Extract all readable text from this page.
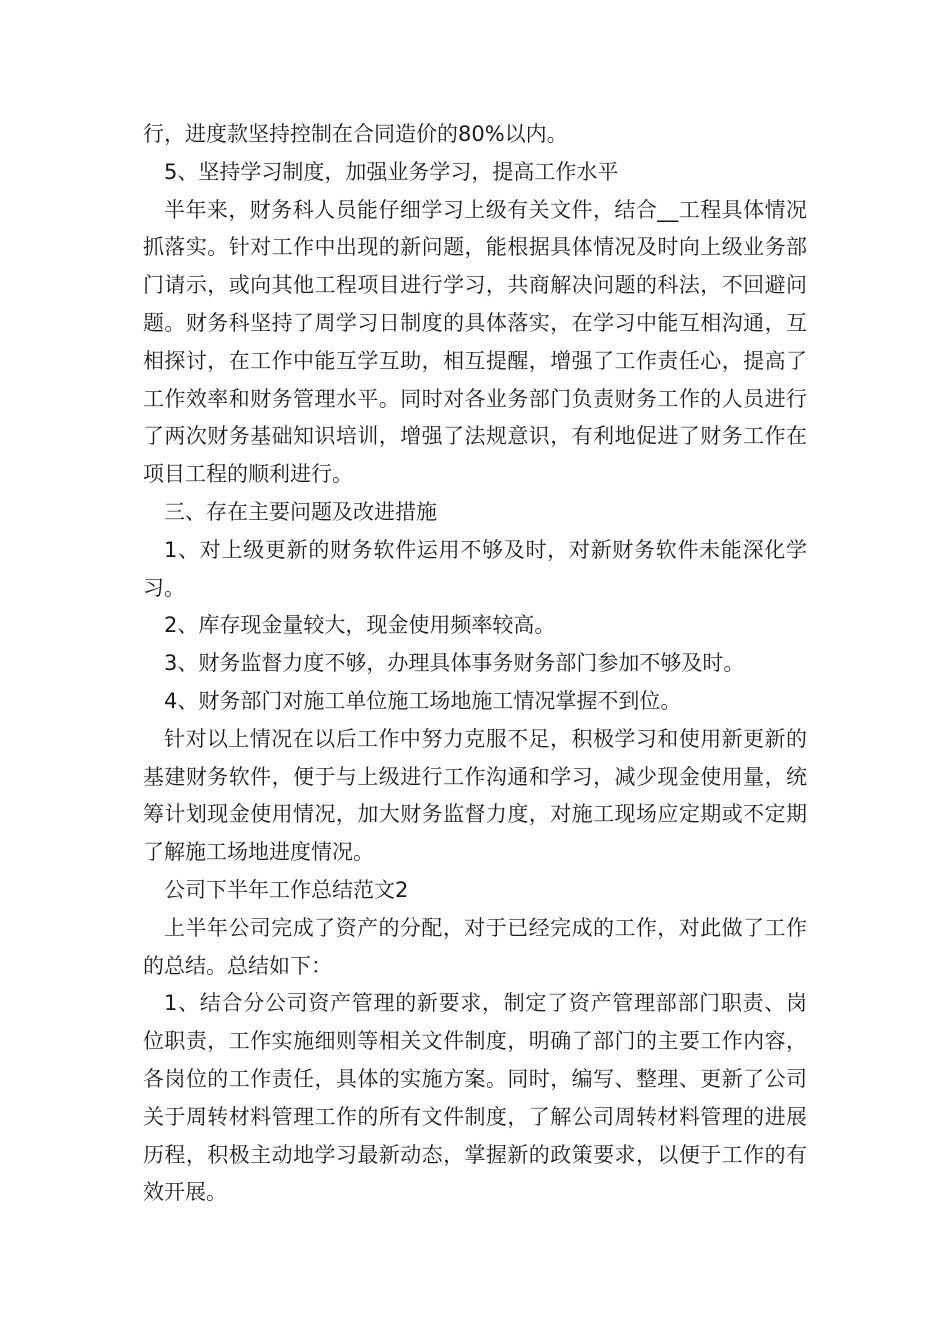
行，进度款坚持控制在合同造价的80%以内。

5、坚持学习制度，加强业务学习，提高工作水平

半年来，财务科人员能仔细学习上级有关文件，结合__工程具体情况抓落实。针对工作中出现的新问题，能根据具体情况及时向上级业务部门请示，或向其他工程项目进行学习，共商解决问题的科法，不回避问题。财务科坚持了周学习日制度的具体落实，在学习中能互相沟通，互相探讨，在工作中能互学互助，相互提醒，增强了工作责任心，提高了工作效率和财务管理水平。同时对各业务部门负责财务工作的人员进行了两次财务基础知识培训，增强了法规意识，有利地促进了财务工作在项目工程的顺利进行。

三、存在主要问题及改进措施

1、对上级更新的财务软件运用不够及时，对新财务软件未能深化学习。

2、库存现金量较大，现金使用频率较高。

3、财务监督力度不够，办理具体事务财务部门参加不够及时。

4、财务部门对施工单位施工场地施工情况掌握不到位。

针对以上情况在以后工作中努力克服不足，积极学习和使用新更新的基建财务软件，便于与上级进行工作沟通和学习，减少现金使用量，统筹计划现金使用情况，加大财务监督力度，对施工现场应定期或不定期了解施工场地进度情况。

公司下半年工作总结范文2

上半年公司完成了资产的分配，对于已经完成的工作，对此做了工作的总结。总结如下：

1、结合分公司资产管理的新要求，制定了资产管理部部门职责、岗位职责，工作实施细则等相关文件制度，明确了部门的主要工作内容，各岗位的工作责任，具体的实施方案。同时，编写、整理、更新了公司关于周转材料管理工作的所有文件制度，了解公司周转材料管理的进展历程，积极主动地学习最新动态，掌握新的政策要求，以便于工作的有效开展。
